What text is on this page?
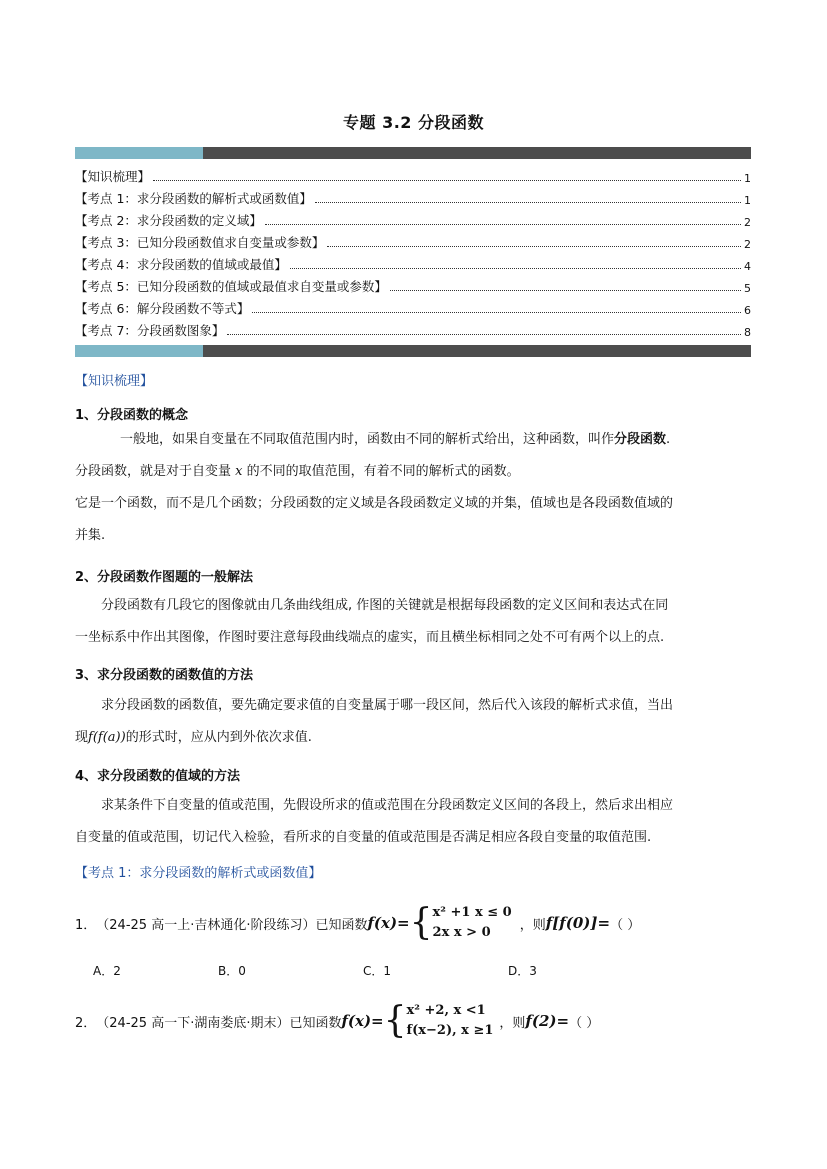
专题 3.2 分段函数
【知识梳理】	1
【考点 1：求分段函数的解析式或函数值】	1
【考点 2：求分段函数的定义域】	2
【考点 3：已知分段函数值求自变量或参数】	2
【考点 4：求分段函数的值域或最值】	4
【考点 5：已知分段函数的值域或最值求自变量或参数】	5
【考点 6：解分段函数不等式】	6
【考点 7：分段函数图象】	8
【知识梳理】
1、分段函数的概念
一般地，如果自变量在不同取值范围内时，函数由不同的解析式给出，这种函数，叫作分段函数.
分段函数，就是对于自变量 x 的不同的取值范围，有着不同的解析式的函数。
它是一个函数，而不是几个函数；分段函数的定义域是各段函数定义域的并集，值域也是各段函数值域的
并集.
2、分段函数作图题的一般解法
分段函数有几段它的图像就由几条曲线组成, 作图的关键就是根据每段函数的定义区间和表达式在同
一坐标系中作出其图像，作图时要注意每段曲线端点的虚实，而且横坐标相同之处不可有两个以上的点.
3、求分段函数的函数值的方法
求分段函数的函数值，要先确定要求值的自变量属于哪一段区间，然后代入该段的解析式求值，当出
现f(f(a))的形式时，应从内到外依次求值.
4、求分段函数的值域的方法
求某条件下自变量的值或范围，先假设所求的值或范围在分段函数定义区间的各段上，然后求出相应
自变量的值或范围，切记代入检验，看所求的自变量的值或范围是否满足相应各段自变量的取值范围.
【考点 1：求分段函数的解析式或函数值】
1． （24-25 高一上·吉林通化·阶段练习）已知函数 f(x)= { x² +1 x ≤ 0
2x x > 0	，则 f[f(0)]= （ ）
A．2	B．0	C．1	D．3
2． （24-25 高一下·湖南娄底·期末）已知函数 f(x)= { x² +2, x <1
f(x−2), x ≥1 ，则 f(2)= （ ）
